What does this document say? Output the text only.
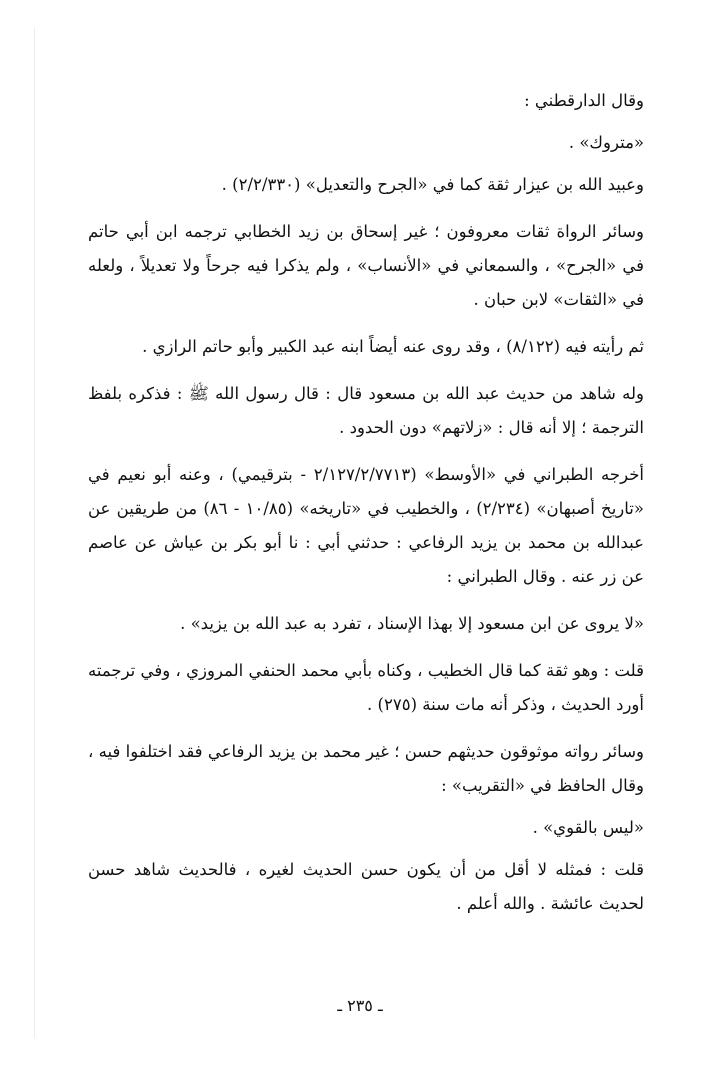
وقال الدارقطني :

«متروك» .

وعبيد الله بن عيزار ثقة كما في «الجرح والتعديل» (٢/٢/٣٣٠) .

وسائر الرواة ثقات معروفون ؛ غير إسحاق بن زيد الخطابي ترجمه ابن أبي حاتم في «الجرح» ، والسمعاني في «الأنساب» ، ولم يذكرا فيه جرحاً ولا تعديلاً ، ولعله في «الثقات» لابن حبان .

ثم رأيته فيه (٨/١٢٢) ، وقد روى عنه أيضاً ابنه عبد الكبير وأبو حاتم الرازي .

وله شاهد من حديث عبد الله بن مسعود قال : قال رسول الله ﷺ : فذكره بلفظ الترجمة ؛ إلا أنه قال : «زلاتهم» دون الحدود .

أخرجه الطبراني في «الأوسط» (٢/١٢٧/٢/٧٧١٣ - بترقيمي) ، وعنه أبو نعيم في «تاريخ أصبهان» (٢/٢٣٤) ، والخطيب في «تاريخه» (١٠/٨٥ - ٨٦) من طريقين عن عبدالله بن محمد بن يزيد الرفاعي : حدثني أبي : نا أبو بكر بن عياش عن عاصم عن زر عنه . وقال الطبراني :

«لا يروى عن ابن مسعود إلا بهذا الإسناد ، تفرد به عبد الله بن يزيد» .

قلت : وهو ثقة كما قال الخطيب ، وكناه بأبي محمد الحنفي المروزي ، وفي ترجمته أورد الحديث ، وذكر أنه مات سنة (٢٧٥) .

وسائر رواته موثوقون حديثهم حسن ؛ غير محمد بن يزيد الرفاعي فقد اختلفوا فيه ، وقال الحافظ في «التقريب» :

«ليس بالقوي» .

قلت : فمثله لا أقل من أن يكون حسن الحديث لغيره ، فالحديث شاهد حسن لحديث عائشة . والله أعلم .

ـ ٢٣٥ ـ
